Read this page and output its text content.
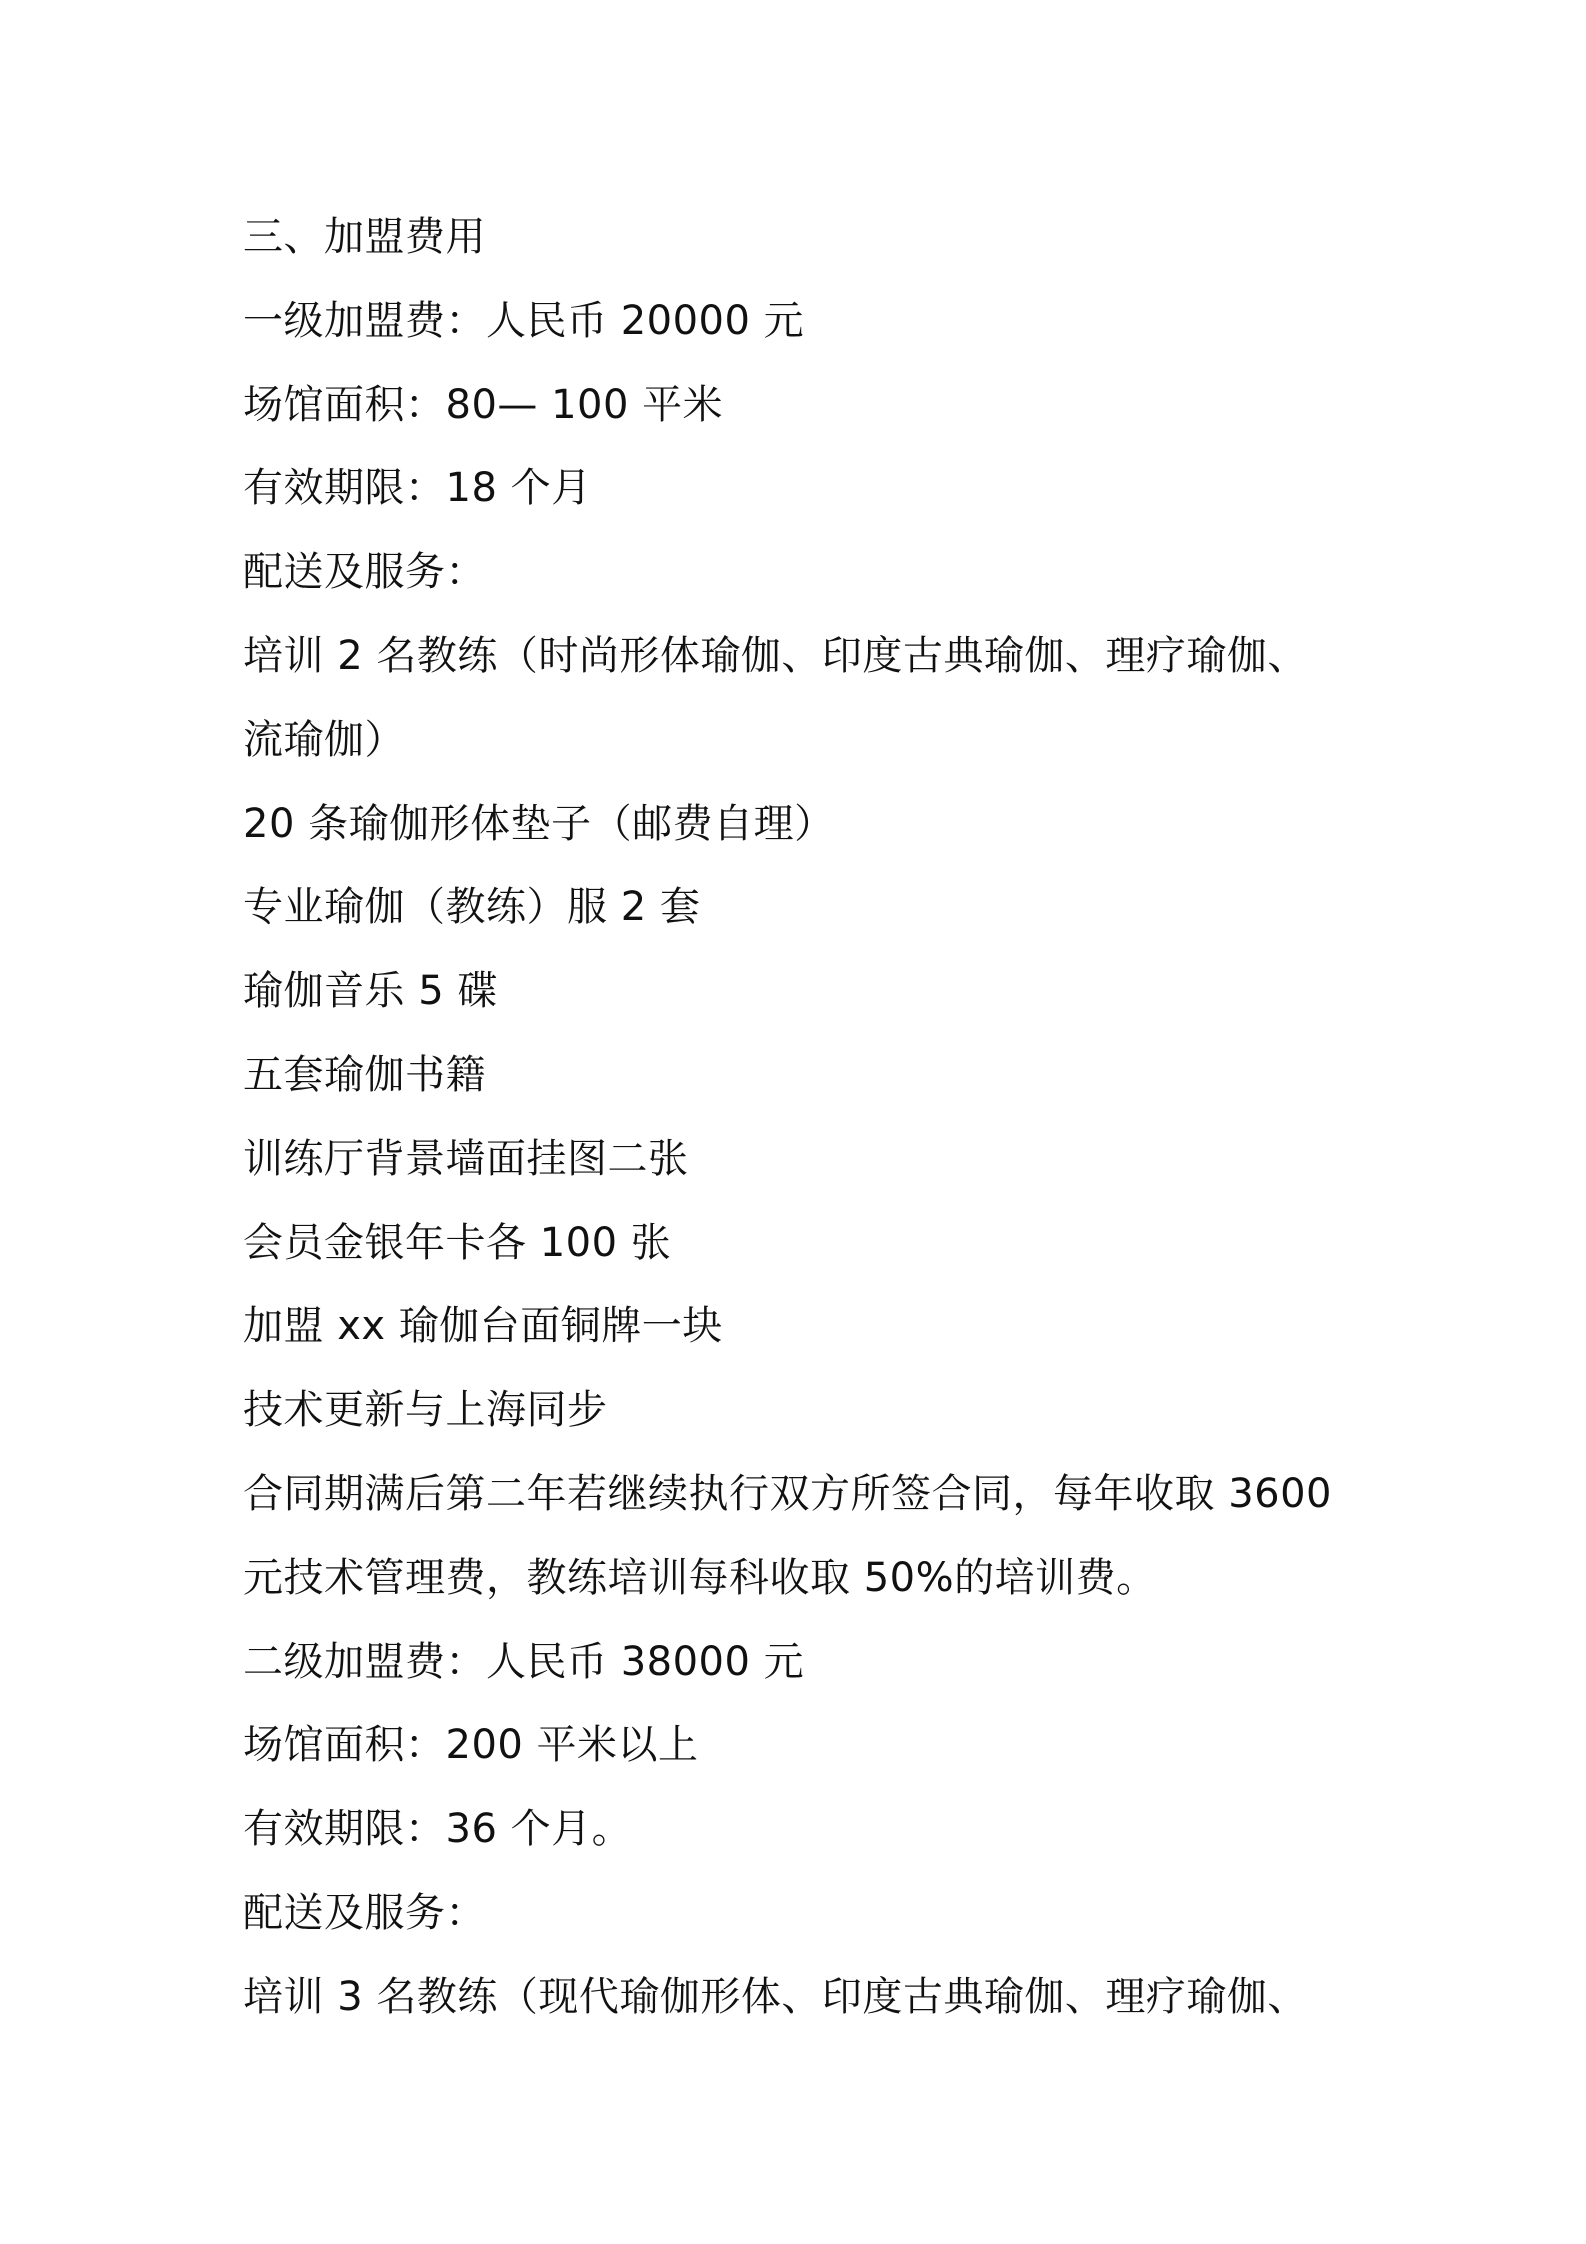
三、加盟费用
一级加盟费：人民币 20000 元
场馆面积：80— 100 平米
有效期限：18 个月
配送及服务：
培训 2 名教练（时尚形体瑜伽、印度古典瑜伽、理疗瑜伽、
流瑜伽）
20 条瑜伽形体垫子（邮费自理）
专业瑜伽（教练）服 2 套
瑜伽音乐 5 碟
五套瑜伽书籍
训练厅背景墙面挂图二张
会员金银年卡各 100 张
加盟 xx 瑜伽台面铜牌一块
技术更新与上海同步
合同期满后第二年若继续执行双方所签合同，每年收取 3600
元技术管理费，教练培训每科收取 50%的培训费。
二级加盟费：人民币 38000 元
场馆面积：200 平米以上
有效期限：36 个月。
配送及服务：
培训 3 名教练（现代瑜伽形体、印度古典瑜伽、理疗瑜伽、
